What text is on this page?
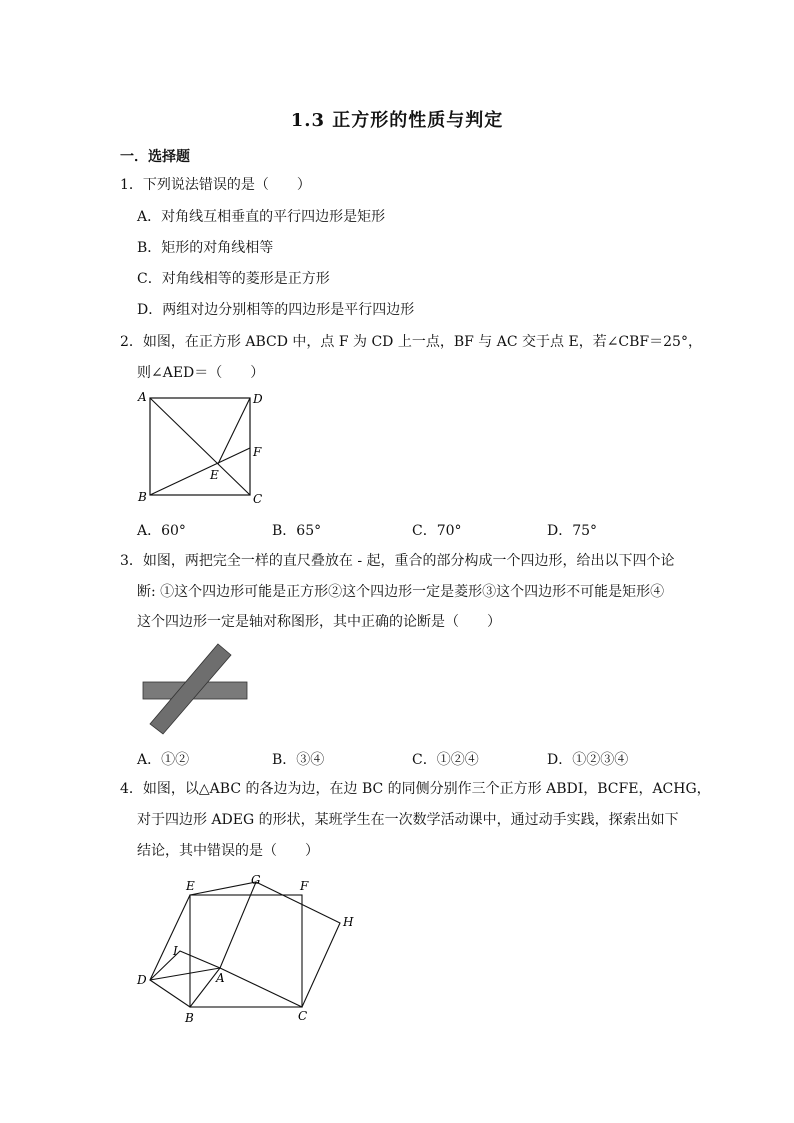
1.3 正方形的性质与判定
一．选择题
1．下列说法错误的是（　　）
A．对角线互相垂直的平行四边形是矩形
B．矩形的对角线相等
C．对角线相等的菱形是正方形
D．两组对边分别相等的四边形是平行四边形
2．如图，在正方形 ABCD 中，点 F 为 CD 上一点，BF 与 AC 交于点 E，若∠CBF＝25°，
则∠AED＝（　　）
A	D
F
E
B	C
A．60°	B．65°	C．70°	D．75°
3．如图，两把完全一样的直尺叠放在 - 起，重合的部分构成一个四边形，给出以下四个论
断: ①这个四边形可能是正方形②这个四边形一定是菱形③这个四边形不可能是矩形④
这个四边形一定是轴对称图形，其中正确的论断是（　　）
A．①②	B．③④	C．①②④	D．①②③④
4．如图，以△ABC 的各边为边，在边 BC 的同侧分别作三个正方形 ABDI，BCFE，ACHG，
对于四边形 ADEG 的形状，某班学生在一次数学活动课中，通过动手实践，探索出如下
结论，其中错误的是（　　）
E	G	F
H
I
D	A
B	C
